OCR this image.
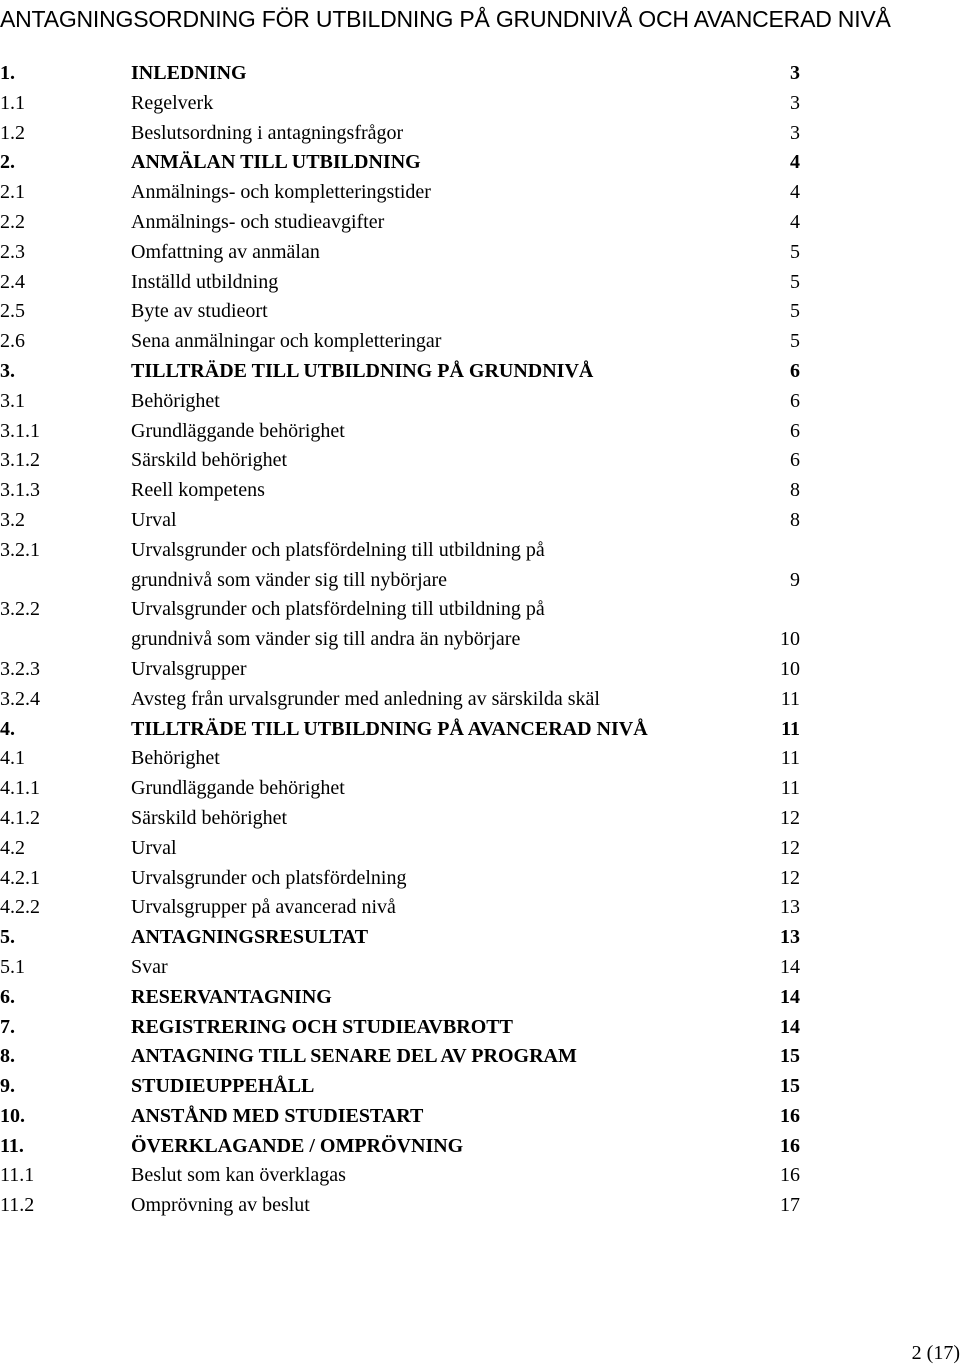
ANTAGNINGSORDNING FÖR UTBILDNING PÅ GRUNDNIVÅ OCH AVANCERAD NIVÅ
1.	INLEDNING	3
1.1	Regelverk	3
1.2	Beslutsordning i antagningsfrågor	3
2.	ANMÄLAN TILL UTBILDNING	4
2.1	Anmälnings- och kompletteringstider	4
2.2	Anmälnings- och studieavgifter	4
2.3	Omfattning av anmälan	5
2.4	Inställd utbildning	5
2.5	Byte av studieort	5
2.6	Sena anmälningar och kompletteringar	5
3.	TILLTRÄDE TILL UTBILDNING PÅ GRUNDNIVÅ	6
3.1	Behörighet	6
3.1.1	Grundläggande behörighet	6
3.1.2	Särskild behörighet	6
3.1.3	Reell kompetens	8
3.2	Urval	8
3.2.1	Urvalsgrunder och platsfördelning till utbildning på
grundnivå som vänder sig till nybörjare	9
3.2.2	Urvalsgrunder och platsfördelning till utbildning på
grundnivå som vänder sig till andra än nybörjare	10
3.2.3	Urvalsgrupper	10
3.2.4	Avsteg från urvalsgrunder med anledning av särskilda skäl	11
4.	TILLTRÄDE TILL UTBILDNING PÅ AVANCERAD NIVÅ	11
4.1	Behörighet	11
4.1.1	Grundläggande behörighet	11
4.1.2	Särskild behörighet	12
4.2	Urval	12
4.2.1	Urvalsgrunder och platsfördelning	12
4.2.2	Urvalsgrupper på avancerad nivå	13
5.	ANTAGNINGSRESULTAT	13
5.1	Svar	14
6.	RESERVANTAGNING	14
7.	REGISTRERING OCH STUDIEAVBROTT	14
8.	ANTAGNING TILL SENARE DEL AV PROGRAM	15
9.	STUDIEUPPEHÅLL	15
10.	ANSTÅND MED STUDIESTART	16
11.	ÖVERKLAGANDE / OMPRÖVNING	16
11.1	Beslut som kan överklagas	16
11.2	Omprövning av beslut	17
2 (17)
